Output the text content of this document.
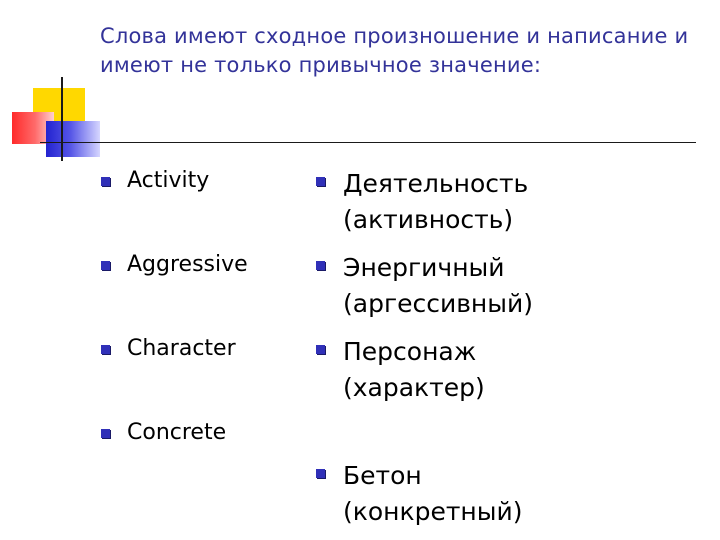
Слова имеют сходное произношение и написание и имеют не только привычное значение:
Activity
Aggressive
Character
Concrete
Деятельность
(активность)
Энергичный
(аргессивный)
Персонаж
(характер)
Бетон
(конкретный)
